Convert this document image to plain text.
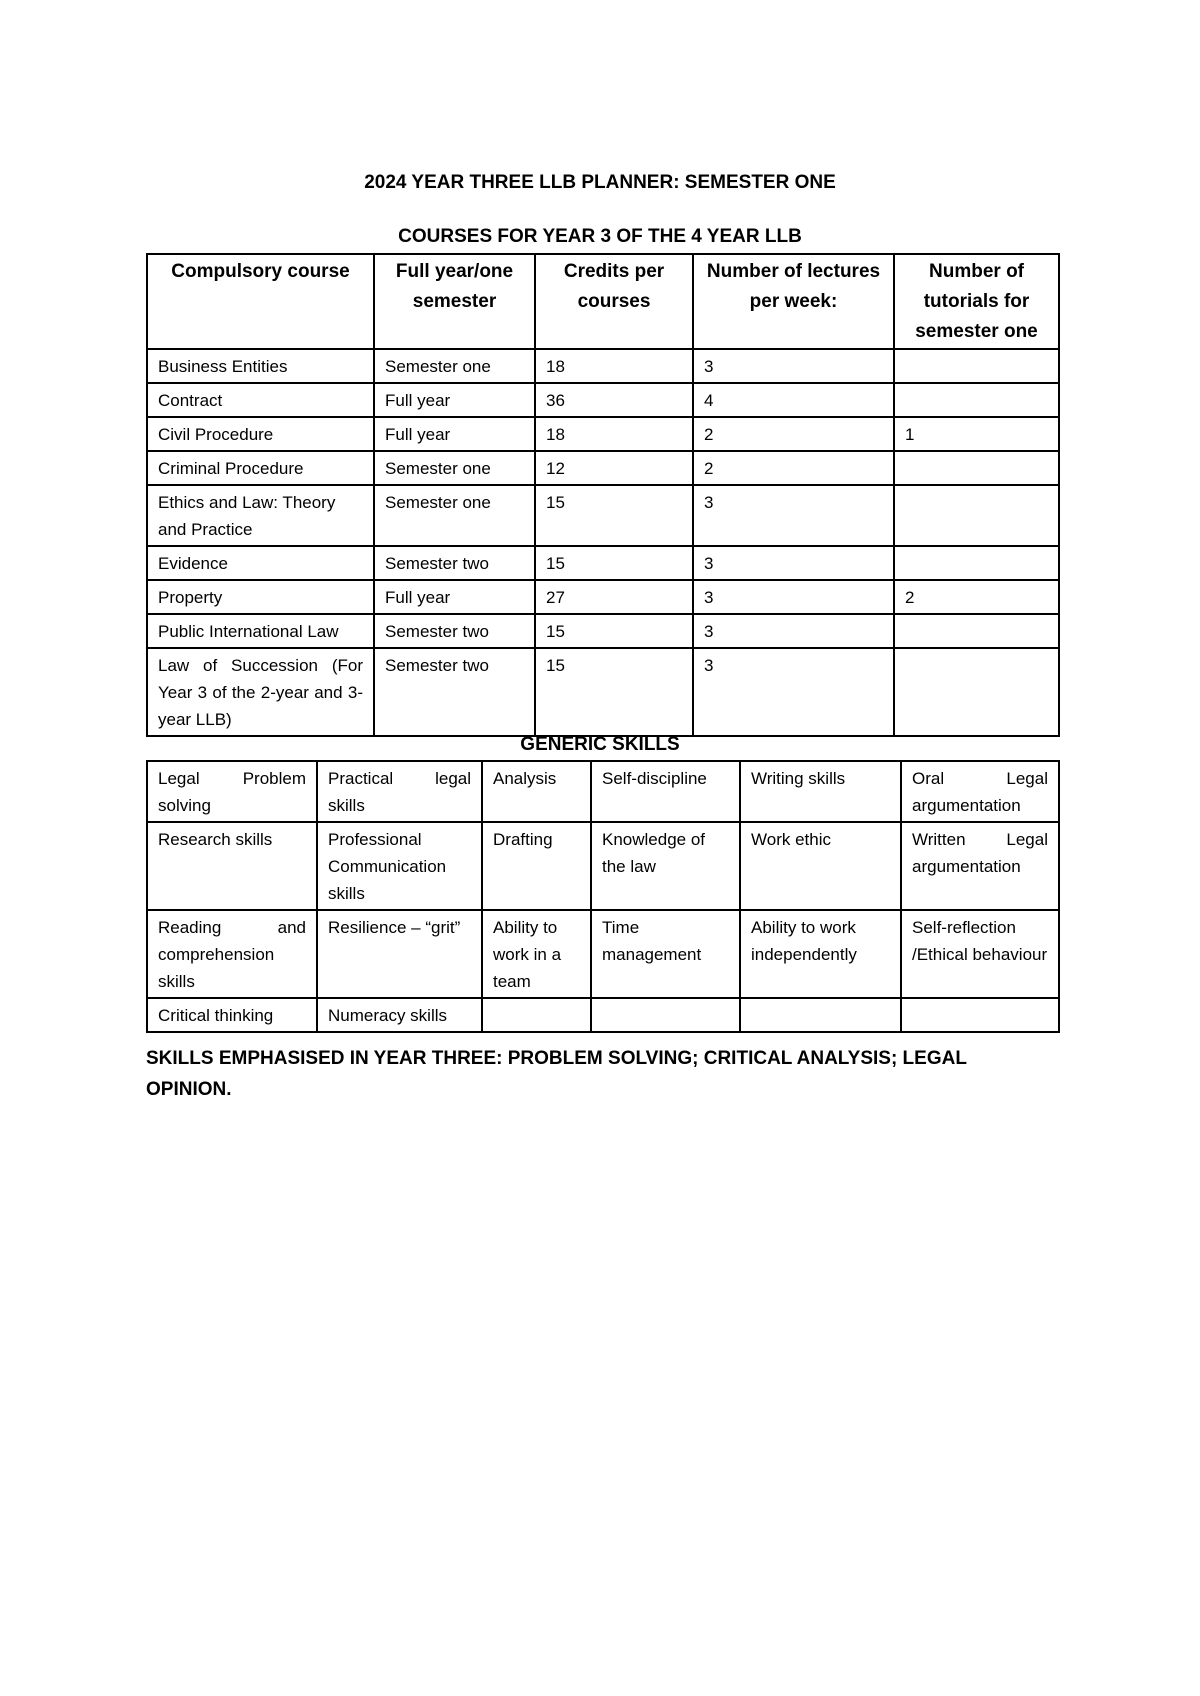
2024 YEAR THREE LLB PLANNER: SEMESTER ONE
COURSES FOR YEAR 3 OF THE 4 YEAR LLB
Compulsory course	Full year/one semester	Credits per courses	Number of lectures per week:	Number of tutorials for semester one
Business Entities	Semester one	18	3	
Contract	Full year	36	4	
Civil Procedure	Full year	18	2	1
Criminal Procedure	Semester one	12	2	
Ethics and Law: Theory and Practice	Semester one	15	3	
Evidence	Semester two	15	3	
Property	Full year	27	3	2
Public International Law	Semester two	15	3	
Law of Succession (For Year 3 of the 2-year and 3-year LLB)	Semester two	15	3	
GENERIC SKILLS
Legal Problem solving	Practical legal skills	Analysis	Self-discipline	Writing skills	Oral Legal argumentation
Research skills	Professional Communication skills	Drafting	Knowledge of the law	Work ethic	Written Legal argumentation
Reading and comprehension skills	Resilience – “grit”	Ability to work in a team	Time management	Ability to work independently	Self-reflection /Ethical behaviour
Critical thinking	Numeracy skills				
SKILLS EMPHASISED IN YEAR THREE: PROBLEM SOLVING; CRITICAL ANALYSIS; LEGAL OPINION.
